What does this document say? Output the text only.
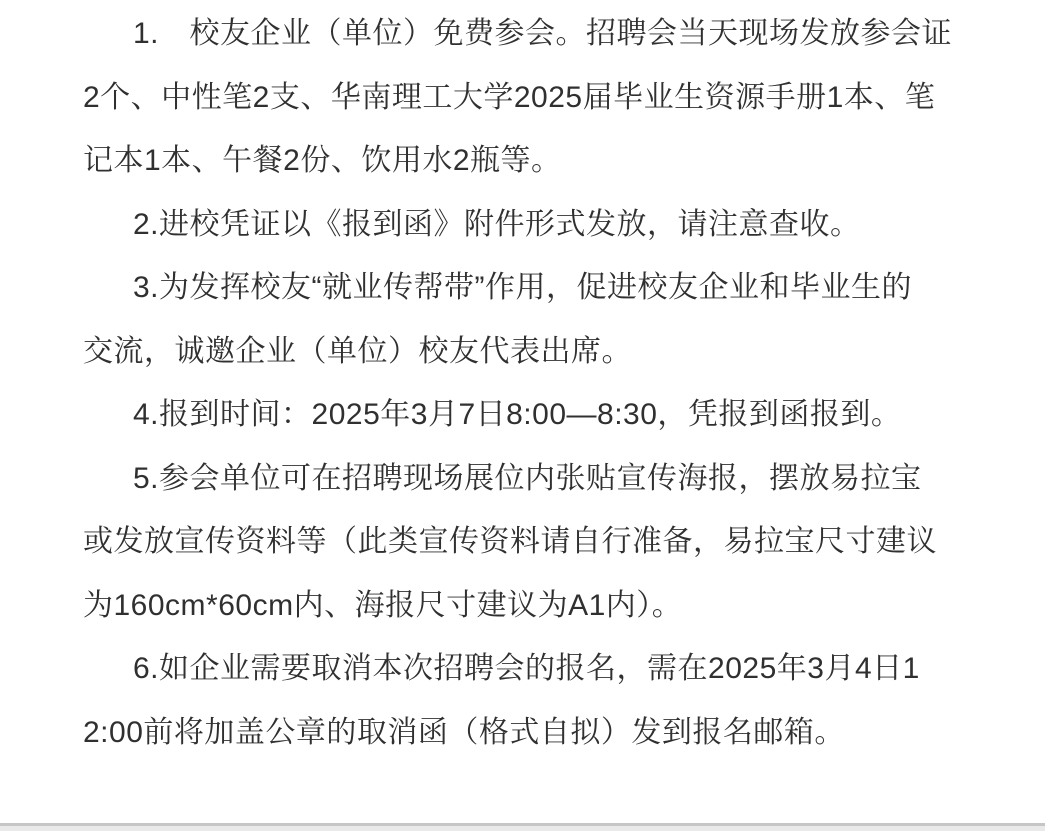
1.　校友企业（单位）免费参会。招聘会当天现场发放参会证
2个、中性笔2支、华南理工大学2025届毕业生资源手册1本、笔
记本1本、午餐2份、饮用水2瓶等。
2.进校凭证以《报到函》附件形式发放，请注意查收。
3.为发挥校友“就业传帮带”作用，促进校友企业和毕业生的
交流，诚邀企业（单位）校友代表出席。
4.报到时间：2025年3月7日8:00—8:30，凭报到函报到。
5.参会单位可在招聘现场展位内张贴宣传海报，摆放易拉宝
或发放宣传资料等（此类宣传资料请自行准备，易拉宝尺寸建议
为160cm*60cm内、海报尺寸建议为A1内）。
6.如企业需要取消本次招聘会的报名，需在2025年3月4日1
2:00前将加盖公章的取消函（格式自拟）发到报名邮箱。
